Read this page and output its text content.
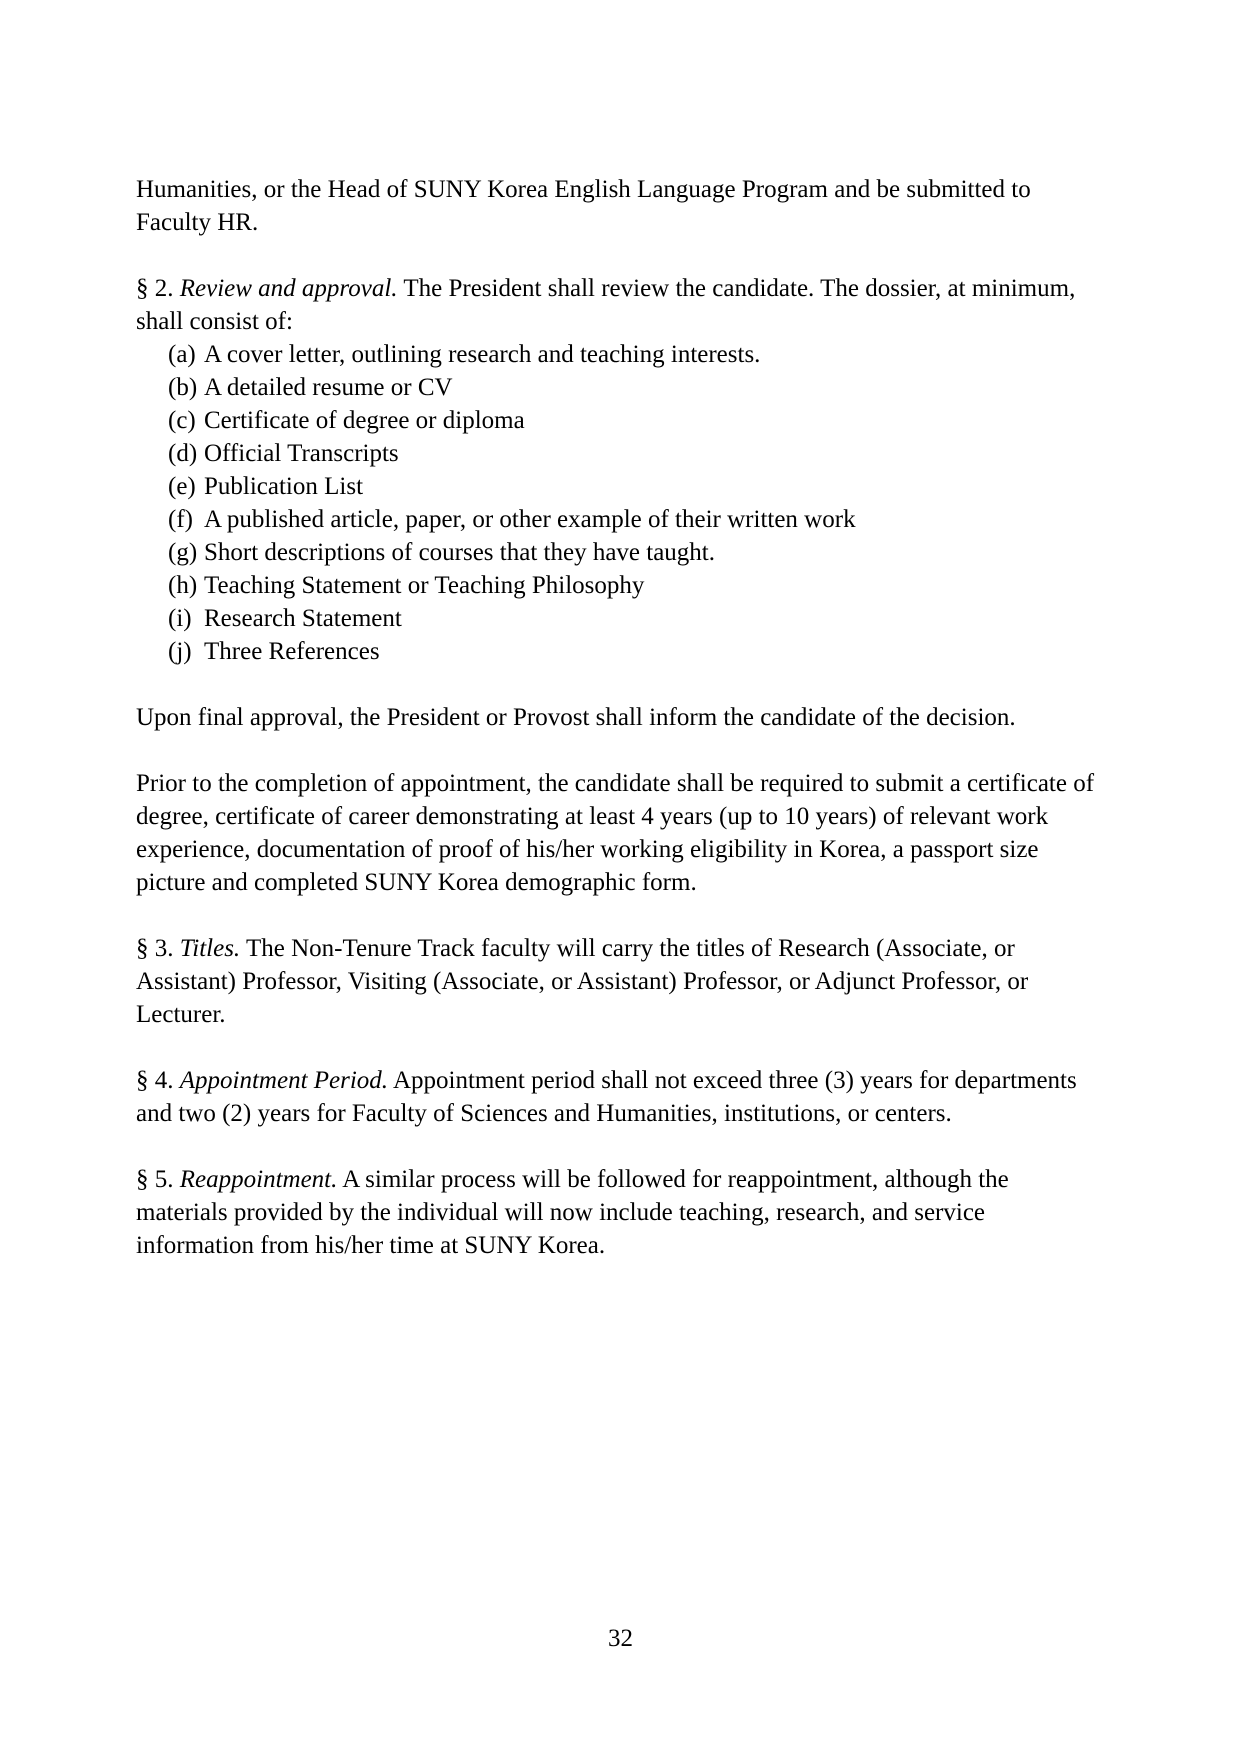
Humanities, or the Head of SUNY Korea English Language Program and be submitted to Faculty HR.

§ 2. Review and approval. The President shall review the candidate. The dossier, at minimum, shall consist of:

(a) A cover letter, outlining research and teaching interests.
(b) A detailed resume or CV
(c) Certificate of degree or diploma
(d) Official Transcripts
(e) Publication List
(f) A published article, paper, or other example of their written work
(g) Short descriptions of courses that they have taught.
(h) Teaching Statement or Teaching Philosophy
(i) Research Statement
(j) Three References

Upon final approval, the President or Provost shall inform the candidate of the decision.

Prior to the completion of appointment, the candidate shall be required to submit a certificate of degree, certificate of career demonstrating at least 4 years (up to 10 years) of relevant work experience, documentation of proof of his/her working eligibility in Korea, a passport size picture and completed SUNY Korea demographic form.

§ 3. Titles. The Non-Tenure Track faculty will carry the titles of Research (Associate, or Assistant) Professor, Visiting (Associate, or Assistant) Professor, or Adjunct Professor, or Lecturer.

§ 4. Appointment Period. Appointment period shall not exceed three (3) years for departments and two (2) years for Faculty of Sciences and Humanities, institutions, or centers.

§ 5. Reappointment. A similar process will be followed for reappointment, although the materials provided by the individual will now include teaching, research, and service information from his/her time at SUNY Korea.

32
